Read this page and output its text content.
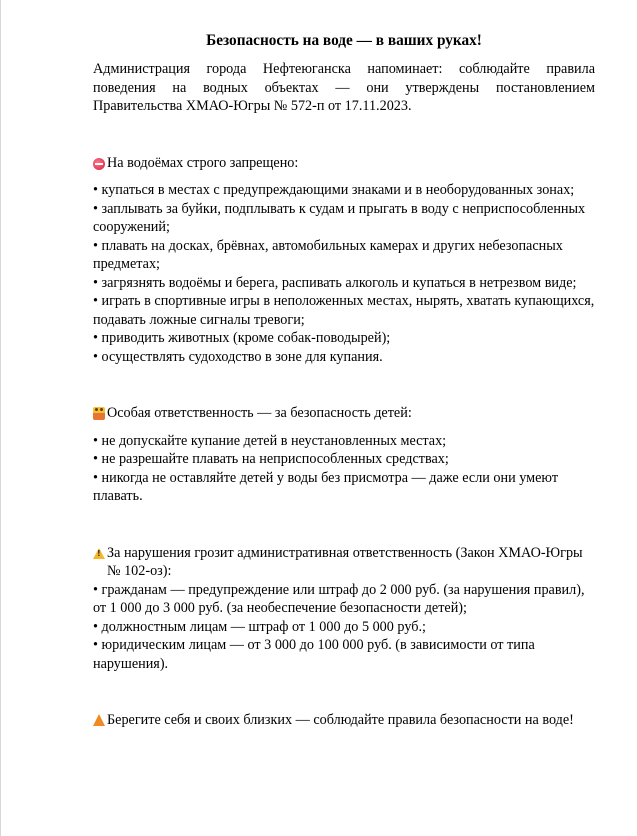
Безопасность на воде — в ваших руках!

Администрация города Нефтеюганска напоминает: соблюдайте правила поведения на водных объектах — они утверждены постановлением Правительства ХМАО-Югры № 572-п от 17.11.2023.

На водоёмах строго запрещено:
• купаться в местах с предупреждающими знаками и в необорудованных зонах;
• заплывать за буйки, подплывать к судам и прыгать в воду с неприспособленных сооружений;
• плавать на досках, брёвнах, автомобильных камерах и других небезопасных предметах;
• загрязнять водоёмы и берега, распивать алкоголь и купаться в нетрезвом виде;
• играть в спортивные игры в неположенных местах, нырять, хватать купающихся, подавать ложные сигналы тревоги;
• приводить животных (кроме собак-поводырей);
• осуществлять судоходство в зоне для купания.
Особая ответственность — за безопасность детей:
• не допускайте купание детей в неустановленных местах;
• не разрешайте плавать на неприспособленных средствах;
• никогда не оставляйте детей у воды без присмотра — даже если они умеют плавать.
!
За нарушения грозит административная ответственность (Закон ХМАО-Югры № 102-оз):
• гражданам — предупреждение или штраф до 2 000 руб. (за нарушения правил), от 1 000 до 3 000 руб. (за необеспечение безопасности детей);
• должностным лицам — штраф от 1 000 до 5 000 руб.;
• юридическим лицам — от 3 000 до 100 000 руб. (в зависимости от типа нарушения).

Берегите себя и своих близких — соблюдайте правила безопасности на воде!
